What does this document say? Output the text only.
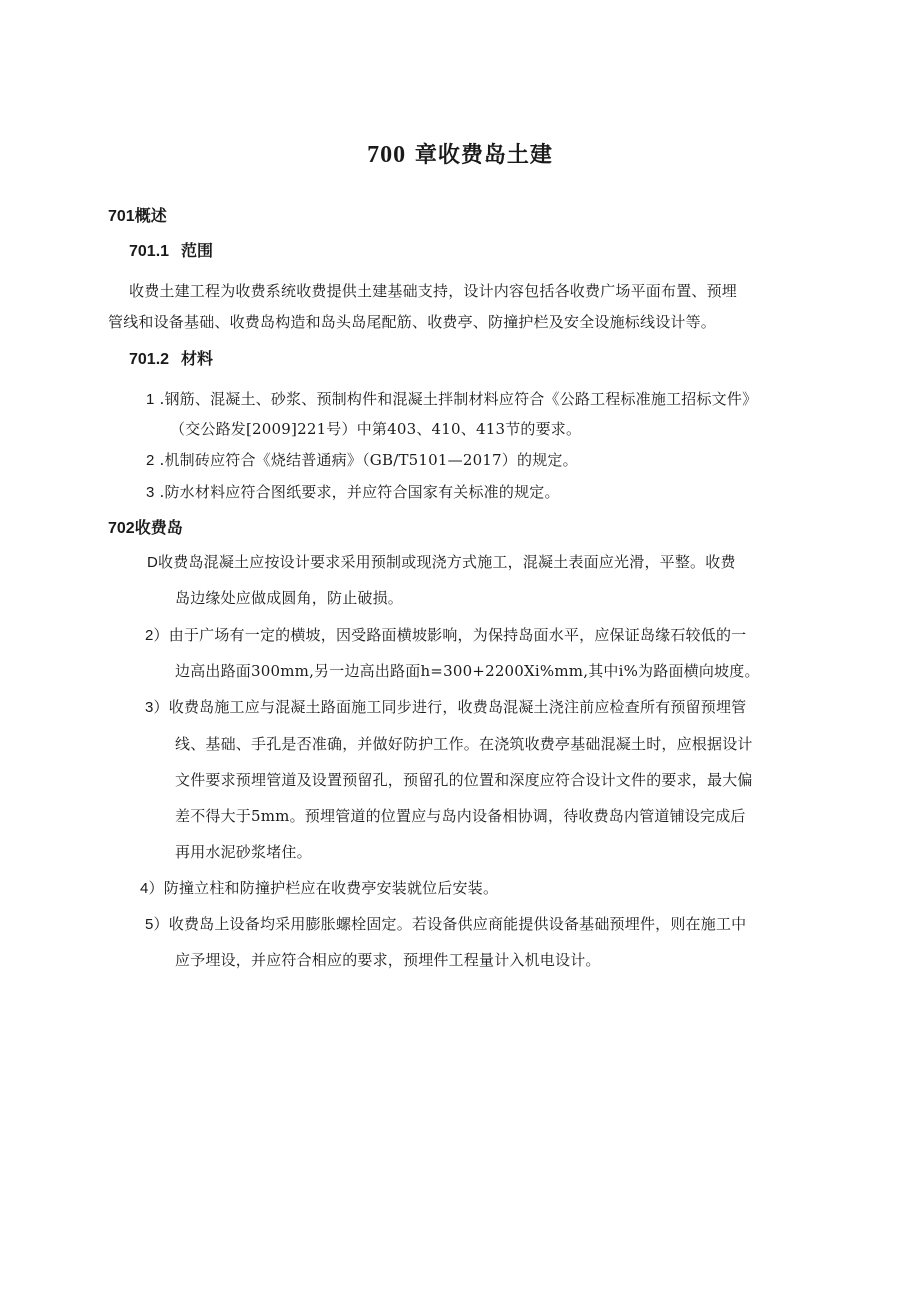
700 章收费岛土建
701概述
701.1 范围
收费土建工程为收费系统收费提供土建基础支持，设计内容包括各收费广场平面布置、预埋
管线和设备基础、收费岛构造和岛头岛尾配筋、收费亭、防撞护栏及安全设施标线设计等。
701.2 材料
1 .钢筋、混凝土、砂浆、预制构件和混凝土拌制材料应符合《公路工程标准施工招标文件》
（交公路发[2009]221号）中第403、410、413节的要求。
2 .机制砖应符合《烧结普通病》（GB/T5101—2017）的规定。
3 .防水材料应符合图纸要求，并应符合国家有关标准的规定。
702收费岛
D收费岛混凝土应按设计要求采用预制或现浇方式施工，混凝土表面应光滑，平整。收费
岛边缘处应做成圆角，防止破损。
2）由于广场有一定的横坡，因受路面横坡影响，为保持岛面水平，应保证岛缘石较低的一
边高出路面300mm,另一边高出路面h=300+2200Xi%mm,其中i%为路面横向坡度。
3）收费岛施工应与混凝土路面施工同步进行，收费岛混凝土浇注前应检查所有预留预埋管
线、基础、手孔是否准确，并做好防护工作。在浇筑收费亭基础混凝土时，应根据设计
文件要求预埋管道及设置预留孔，预留孔的位置和深度应符合设计文件的要求，最大偏
差不得大于5mm。预埋管道的位置应与岛内设备相协调，待收费岛内管道铺设完成后
再用水泥砂浆堵住。
4）防撞立柱和防撞护栏应在收费亭安装就位后安装。
5）收费岛上设备均采用膨胀螺栓固定。若设备供应商能提供设备基础预埋件，则在施工中
应予埋设，并应符合相应的要求，预埋件工程量计入机电设计。
